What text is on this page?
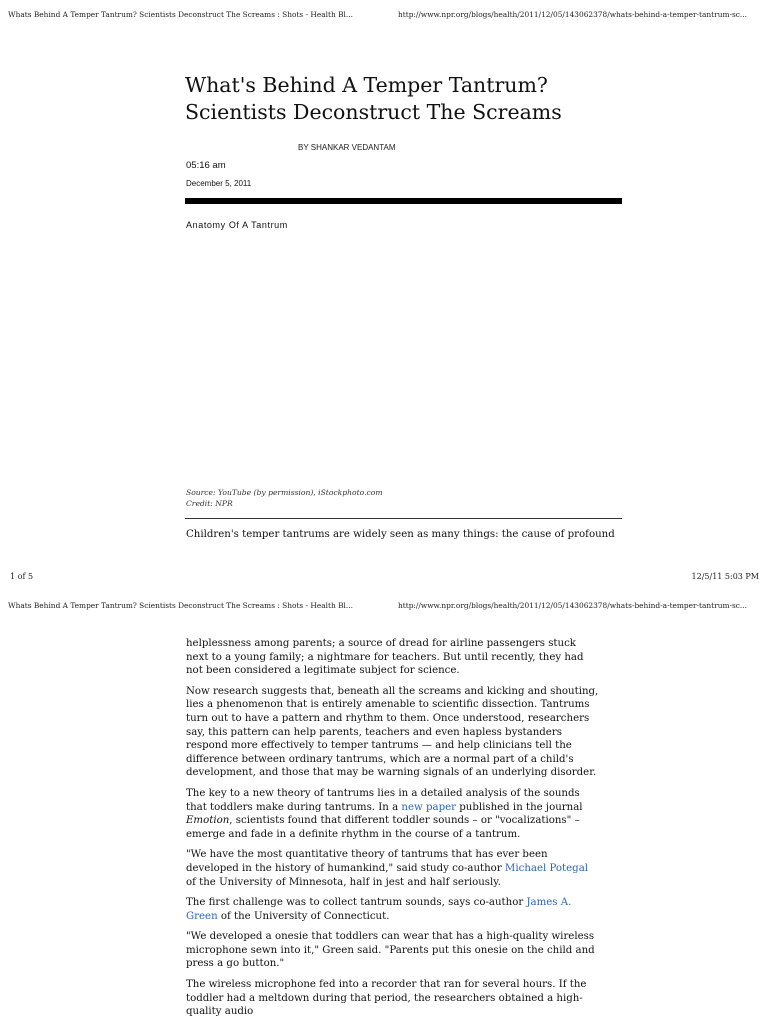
Whats Behind A Temper Tantrum? Scientists Deconstruct The Screams : Shots - Health Bl...	http://www.npr.org/blogs/health/2011/12/05/143062378/whats-behind-a-temper-tantrum-sc...
What's Behind A Temper Tantrum? Scientists Deconstruct The Screams
BY SHANKAR VEDANTAM
05:16 am
December 5, 2011
Anatomy Of A Tantrum
Source: YouTube (by permission), iStockphoto.com
Credit: NPR

Children's temper tantrums are widely seen as many things: the cause of profound

1 of 5	12/5/11 5:03 PM
Whats Behind A Temper Tantrum? Scientists Deconstruct The Screams : Shots - Health Bl...	http://www.npr.org/blogs/health/2011/12/05/143062378/whats-behind-a-temper-tantrum-sc...

helplessness among parents; a source of dread for airline passengers stuck next to a young family; a nightmare for teachers. But until recently, they had not been considered a legitimate subject for science.

Now research suggests that, beneath all the screams and kicking and shouting, lies a phenomenon that is entirely amenable to scientific dissection. Tantrums turn out to have a pattern and rhythm to them. Once understood, researchers say, this pattern can help parents, teachers and even hapless bystanders respond more effectively to temper tantrums — and help clinicians tell the difference between ordinary tantrums, which are a normal part of a child's development, and those that may be warning signals of an underlying disorder.

The key to a new theory of tantrums lies in a detailed analysis of the sounds that toddlers make during tantrums. In a new paper published in the journal Emotion, scientists found that different toddler sounds – or "vocalizations" – emerge and fade in a definite rhythm in the course of a tantrum.

"We have the most quantitative theory of tantrums that has ever been developed in the history of humankind," said study co-author Michael Potegal of the University of Minnesota, half in jest and half seriously.

The first challenge was to collect tantrum sounds, says co-author James A. Green of the University of Connecticut.

"We developed a onesie that toddlers can wear that has a high-quality wireless microphone sewn into it," Green said. "Parents put this onesie on the child and press a go button."

The wireless microphone fed into a recorder that ran for several hours. If the toddler had a meltdown during that period, the researchers obtained a high-quality audio
